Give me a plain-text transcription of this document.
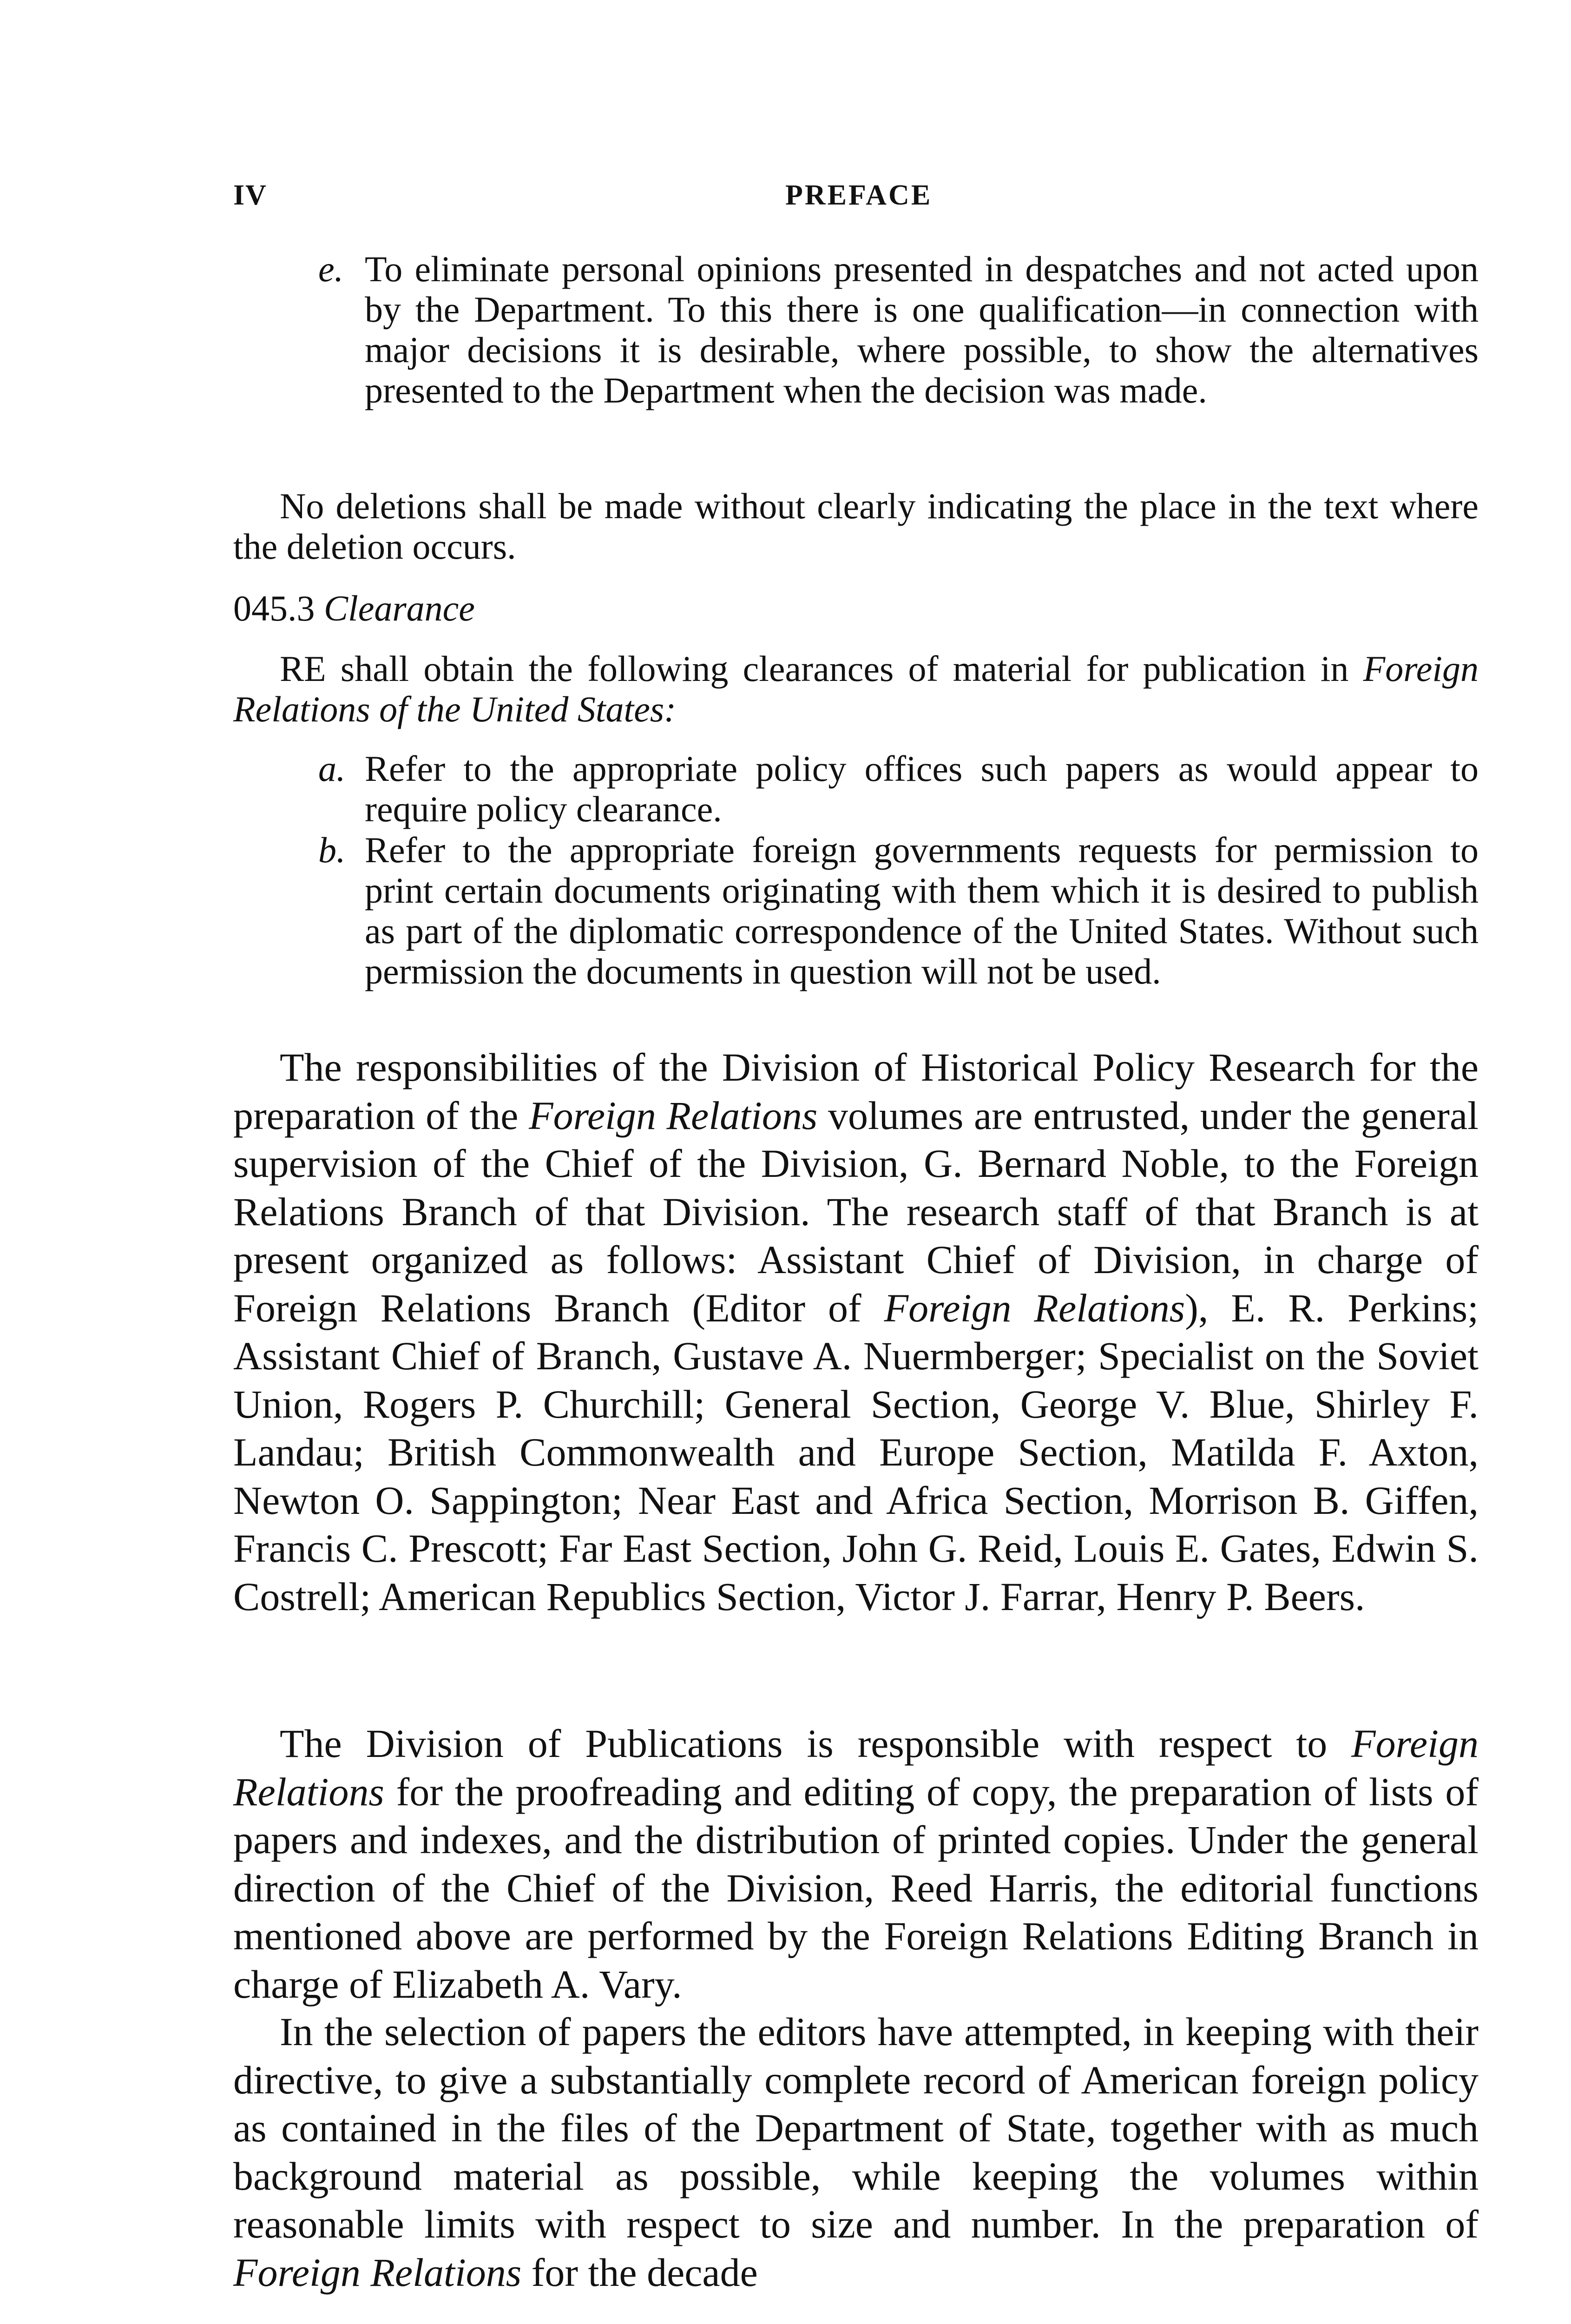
IV	PREFACE
e. To eliminate personal opinions presented in despatches and not acted upon by the Department. To this there is one qualification—in connection with major decisions it is desirable, where possible, to show the alternatives presented to the Department when the decision was made.
No deletions shall be made without clearly indicating the place in the text where the deletion occurs.
045.3 Clearance
RE shall obtain the following clearances of material for publication in Foreign Relations of the United States:
a. Refer to the appropriate policy offices such papers as would appear to require policy clearance.
b. Refer to the appropriate foreign governments requests for permission to print certain documents originating with them which it is desired to publish as part of the diplomatic correspondence of the United States. Without such permission the documents in question will not be used.
The responsibilities of the Division of Historical Policy Research for the preparation of the Foreign Relations volumes are entrusted, under the general supervision of the Chief of the Division, G. Bernard Noble, to the Foreign Relations Branch of that Division. The research staff of that Branch is at present organized as follows: Assistant Chief of Division, in charge of Foreign Relations Branch (Editor of Foreign Relations), E. R. Perkins; Assistant Chief of Branch, Gustave A. Nuermberger; Specialist on the Soviet Union, Rogers P. Churchill; General Section, George V. Blue, Shirley F. Landau; British Commonwealth and Europe Section, Matilda F. Axton, Newton O. Sappington; Near East and Africa Section, Morrison B. Giffen, Francis C. Prescott; Far East Section, John G. Reid, Louis E. Gates, Edwin S. Costrell; American Republics Section, Victor J. Farrar, Henry P. Beers.
The Division of Publications is responsible with respect to Foreign Relations for the proofreading and editing of copy, the preparation of lists of papers and indexes, and the distribution of printed copies. Under the general direction of the Chief of the Division, Reed Harris, the editorial functions mentioned above are performed by the Foreign Relations Editing Branch in charge of Elizabeth A. Vary.
In the selection of papers the editors have attempted, in keeping with their directive, to give a substantially complete record of American foreign policy as contained in the files of the Department of State, together with as much background material as possible, while keeping the volumes within reasonable limits with respect to size and number. In the preparation of Foreign Relations for the decade
